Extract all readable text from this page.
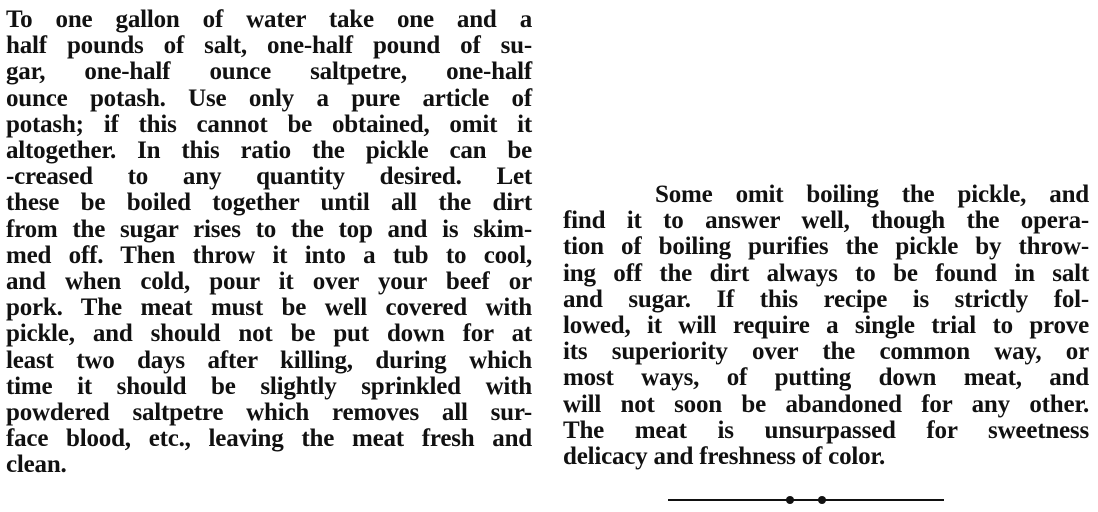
To one gallon of water take one and a
half pounds of salt, one-half pound of su-
gar, one-half ounce saltpetre, one-half
ounce potash. Use only a pure article of
potash; if this cannot be obtained, omit it
altogether. In this ratio the pickle can be
-creased to any quantity desired. Let
these be boiled together until all the dirt
from the sugar rises to the top and is skim-
med off. Then throw it into a tub to cool,
and when cold, pour it over your beef or
pork. The meat must be well covered with
pickle, and should not be put down for at
least two days after killing, during which
time it should be slightly sprinkled with
powdered saltpetre which removes all sur-
face blood, etc., leaving the meat fresh and
clean.
Some omit boiling the pickle, and
find it to answer well, though the opera-
tion of boiling purifies the pickle by throw-
ing off the dirt always to be found in salt
and sugar. If this recipe is strictly fol-
lowed, it will require a single trial to prove
its superiority over the common way, or
most ways, of putting down meat, and
will not soon be abandoned for any other.
The meat is unsurpassed for sweetness
delicacy and freshness of color.
